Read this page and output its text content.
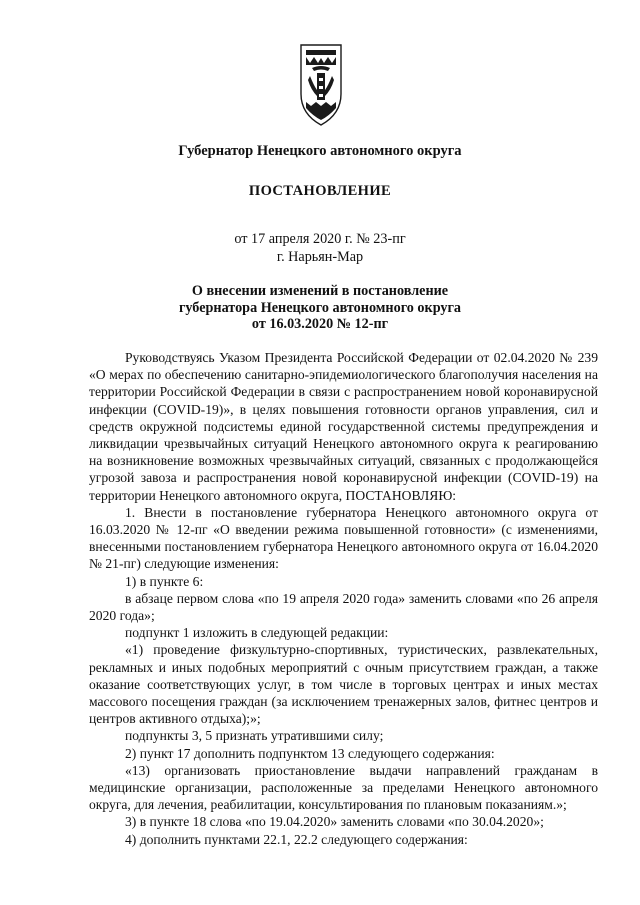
Губернатор Ненецкого автономного округа

ПОСТАНОВЛЕНИЕ

от 17 апреля 2020 г. № 23-пг

г. Нарьян-Мар

О внесении изменений в постановление
губернатора Ненецкого автономного округа
от 16.03.2020 № 12-пг

Руководствуясь Указом Президента Российской Федерации от 02.04.2020 № 239 «О мерах по обеспечению санитарно-эпидемиологического благополучия населения на территории Российской Федерации в связи с распространением новой коронавирусной инфекции (COVID-19)», в целях повышения готовности органов управления, сил и средств окружной подсистемы единой государственной системы предупреждения и ликвидации чрезвычайных ситуаций Ненецкого автономного округа к реагированию на возникновение возможных чрезвычайных ситуаций, связанных с продолжающейся угрозой завоза и распространения новой коронавирусной инфекции (COVID-19) на территории Ненецкого автономного округа, ПОСТАНОВЛЯЮ:

1. Внести в постановление губернатора Ненецкого автономного округа от 16.03.2020 № 12-пг «О введении режима повышенной готовности» (с изменениями, внесенными постановлением губернатора Ненецкого автономного округа от 16.04.2020 № 21-пг) следующие изменения:

1) в пункте 6:

в абзаце первом слова «по 19 апреля 2020 года» заменить словами «по 26 апреля 2020 года»;

подпункт 1 изложить в следующей редакции:

«1) проведение физкультурно-спортивных, туристических, развлекательных, рекламных и иных подобных мероприятий с очным присутствием граждан, а также оказание соответствующих услуг, в том числе в торговых центрах и иных местах массового посещения граждан (за исключением тренажерных залов, фитнес центров и центров активного отдыха);»;

подпункты 3, 5 признать утратившими силу;

2) пункт 17 дополнить подпунктом 13 следующего содержания:

«13) организовать приостановление выдачи направлений гражданам в медицинские организации, расположенные за пределами Ненецкого автономного округа, для лечения, реабилитации, консультирования по плановым показаниям.»;

3) в пункте 18 слова «по 19.04.2020» заменить словами «по 30.04.2020»;

4) дополнить пунктами 22.1, 22.2 следующего содержания:
